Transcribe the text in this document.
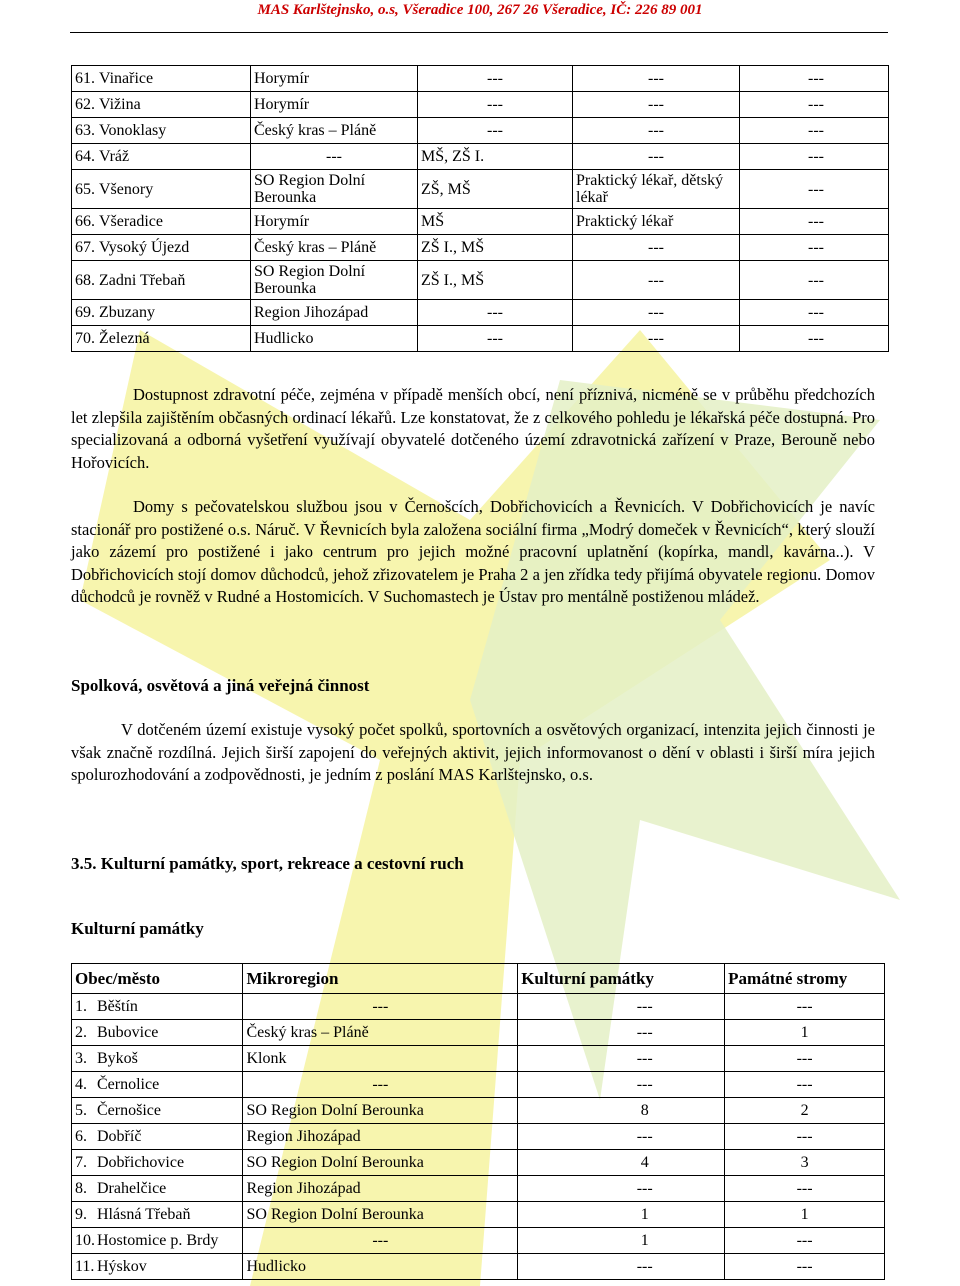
MAS Karlštejnsko, o.s, Všeradice 100, 267 26 Všeradice, IČ: 226 89 001
61.	Vinařice	Horymír	---	---	---
62.	Vižina	Horymír	---	---	---
63.	Vonoklasy	Český kras – Pláně	---	---	---
64.	Vráž	---	MŠ, ZŠ I.	---	---
65.	Všenory	SO Region Dolní Berounka	ZŠ, MŠ	Praktický lékař, dětský lékař	---
66.	Všeradice	Horymír	MŠ	Praktický lékař	---
67.	Vysoký Újezd	Český kras – Pláně	ZŠ I., MŠ	---	---
68.	Zadni Třebaň	SO Region Dolní Berounka	ZŠ I., MŠ	---	---
69.	Zbuzany	Region Jihozápad	---	---	---
70.	Železná	Hudlicko	---	---	---
Dostupnost zdravotní péče, zejména v případě menších obcí, není příznivá, nicméně se v průběhu předchozích let zlepšila zajištěním občasných ordinací lékařů. Lze konstatovat, že z celkového pohledu je lékařská péče dostupná. Pro specializovaná a odborná vyšetření využívají obyvatelé dotčeného území zdravotnická zařízení v Praze, Berouně nebo Hořovicích.
Domy s pečovatelskou službou jsou v Černošcích, Dobřichovicích a Řevnicích. V Dobřichovicích je navíc stacionář pro postižené o.s. Náruč. V Řevnicích byla založena sociální firma „Modrý domeček v Řevnicích“, který slouží jako zázemí pro postižené i jako centrum pro jejich možné pracovní uplatnění (kopírka, mandl, kavárna..). V Dobřichovicích stojí domov důchodců, jehož zřizovatelem je Praha 2 a jen zřídka tedy přijímá obyvatele regionu. Domov důchodců je rovněž v Rudné a Hostomicích. V Suchomastech je Ústav pro mentálně postiženou mládež.
Spolková, osvětová a jiná veřejná činnost
V dotčeném území existuje vysoký počet spolků, sportovních a osvětových organizací, intenzita jejich činnosti je však značně rozdílná. Jejich širší zapojení do veřejných aktivit, jejich informovanost o dění v oblasti i širší míra jejich spolurozhodování a zodpovědnosti, je jedním z poslání MAS Karlštejnsko, o.s.
3.5. Kulturní památky, sport, rekreace a cestovní ruch
Kulturní památky
Obec/město		Mikroregion	Kulturní památky	Památné stromy
1.	Běštín	---	---	---
2.	Bubovice	Český kras – Pláně	---	1
3.	Bykoš	Klonk	---	---
4.	Černolice	---	---	---
5.	Černošice	SO Region Dolní Berounka	8	2
6.	Dobříč	Region Jihozápad	---	---
7.	Dobřichovice	SO Region Dolní Berounka	4	3
8.	Drahelčice	Region Jihozápad	---	---
9.	Hlásná Třebaň	SO Region Dolní Berounka	1	1
10.	Hostomice p. Brdy	---	1	---
11.	Hýskov	Hudlicko	---	---
